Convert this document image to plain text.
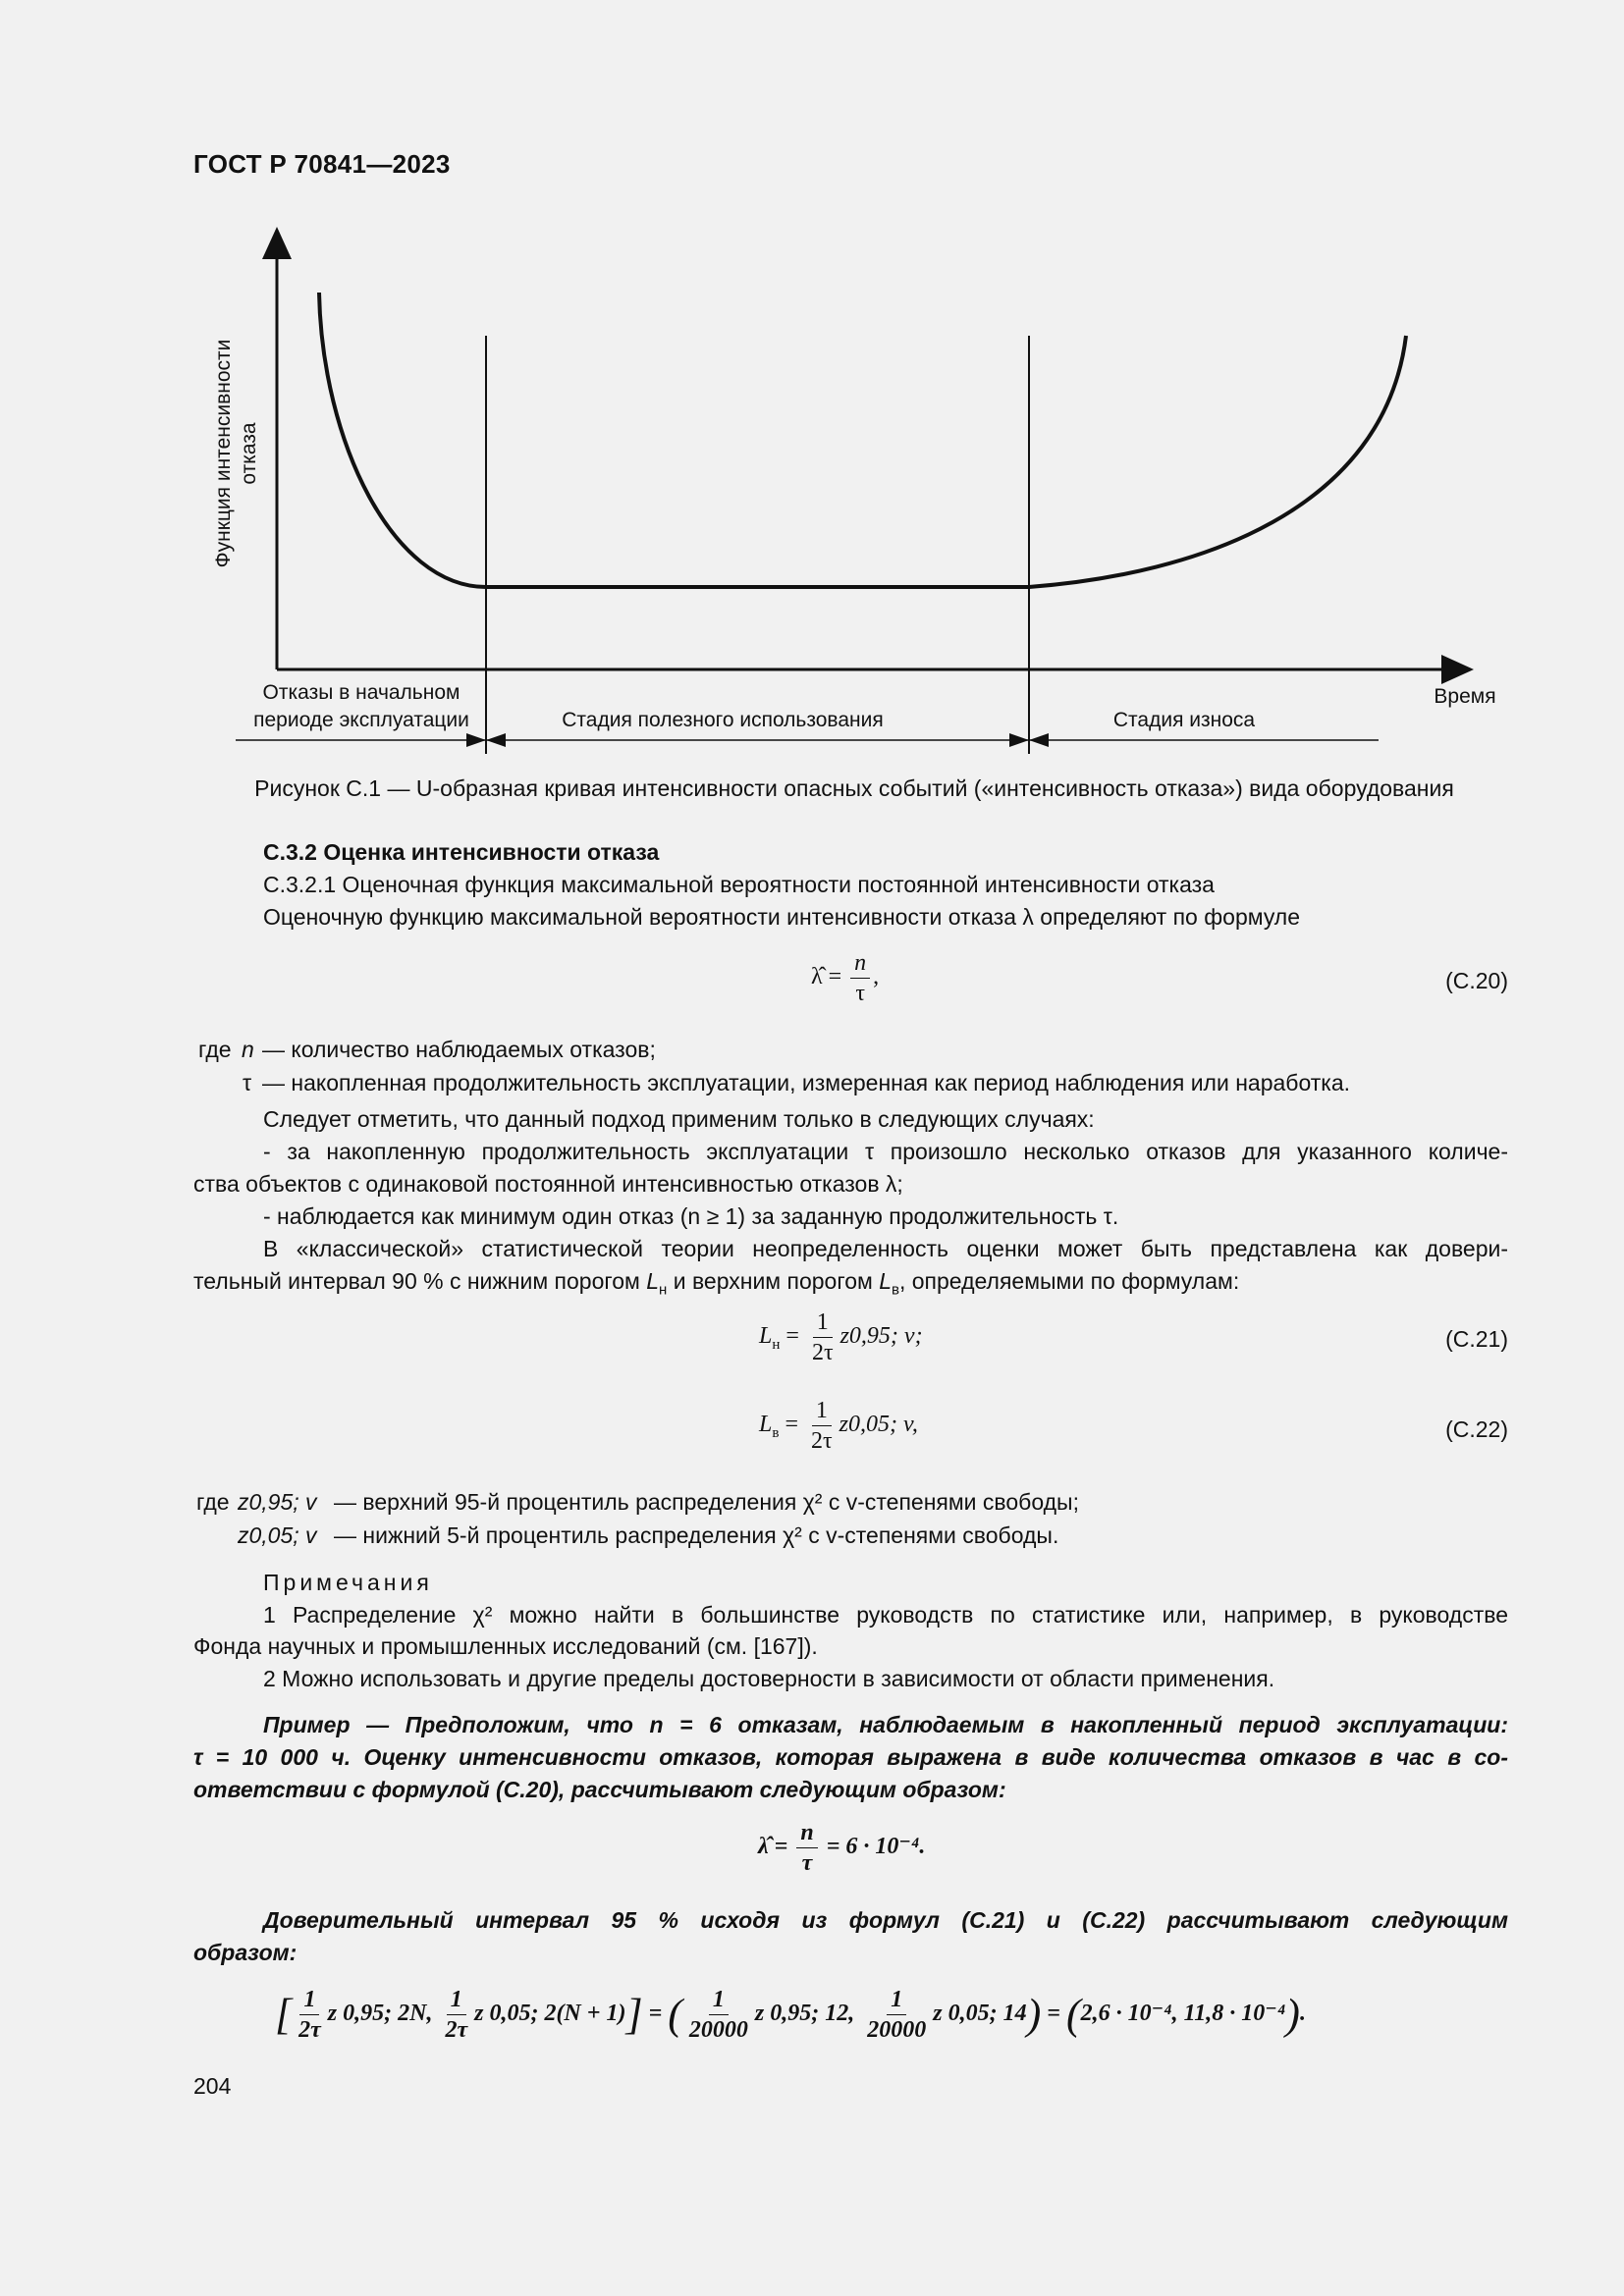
ГОСТ Р 70841—2023
Функция интенсивности отказа
Время
Отказы в начальном
периоде эксплуатации	Стадия полезного использования	Стадия износа
Рисунок С.1 — U-образная кривая интенсивности опасных событий («интенсивность отказа») вида оборудования
С.3.2 Оценка интенсивности отказа
С.3.2.1 Оценочная функция максимальной вероятности постоянной интенсивности отказа
Оценочную функцию максимальной вероятности интенсивности отказа λ определяют по формуле
λ̂ = $\frac{n}{\tau}$ ,	(С.20)
где n — количество наблюдаемых отказов;
τ — накопленная продолжительность эксплуатации, измеренная как период наблюдения или наработка.
Следует отметить, что данный подход применим только в следующих случаях:
- за накопленную продолжительность эксплуатации τ произошло несколько отказов для указанного количе-
ства объектов с одинаковой постоянной интенсивностью отказов λ;
- наблюдается как минимум один отказ (n ≥ 1) за заданную продолжительность τ.
В «классической» статистической теории неопределенность оценки может быть представлена как довери-
тельный интервал 90 % с нижним порогом $L_н$ и верхним порогом $L_в$, определяемыми по формулам:
$L_н = \frac{1}{2\tau} z0,95$; v;	(С.21)
$L_в = \frac{1}{2\tau} z0,05$; v,	(С.22)
где z0,95; v — верхний 95-й процентиль распределения χ² с v-степенями свободы;
z0,05; v — нижний 5-й процентиль распределения χ² с v-степенями свободы.
Примечания
1 Распределение χ² можно найти в большинстве руководств по статистике или, например, в руководстве
Фонда научных и промышленных исследований (см. [167]).
2 Можно использовать и другие пределы достоверности в зависимости от области применения.
Пример — Предположим, что n = 6 отказам, наблюдаемым в накопленный период эксплуатации:
τ = 10 000 ч. Оценку интенсивности отказов, которая выражена в виде количества отказов в час в со-
ответствии с формулой (С.20), рассчитывают следующим образом:
λ̂ = $\frac{n}{\tau} = 6 \cdot 10^{-4}$.
Доверительный интервал 95 % исходя из формул (С.21) и (С.22) рассчитывают следующим
образом:
[ $\frac{1}{2\tau}$ z 0,95; 2N, $\frac{1}{2\tau}$ z 0,05; 2(N + 1)] = ( $\frac{1}{20000}$ z 0,95; 12, $\frac{1}{20000}$ z 0,05; 14) = (2,6 · 10⁻⁴, 11,8 · 10⁻⁴).
204
